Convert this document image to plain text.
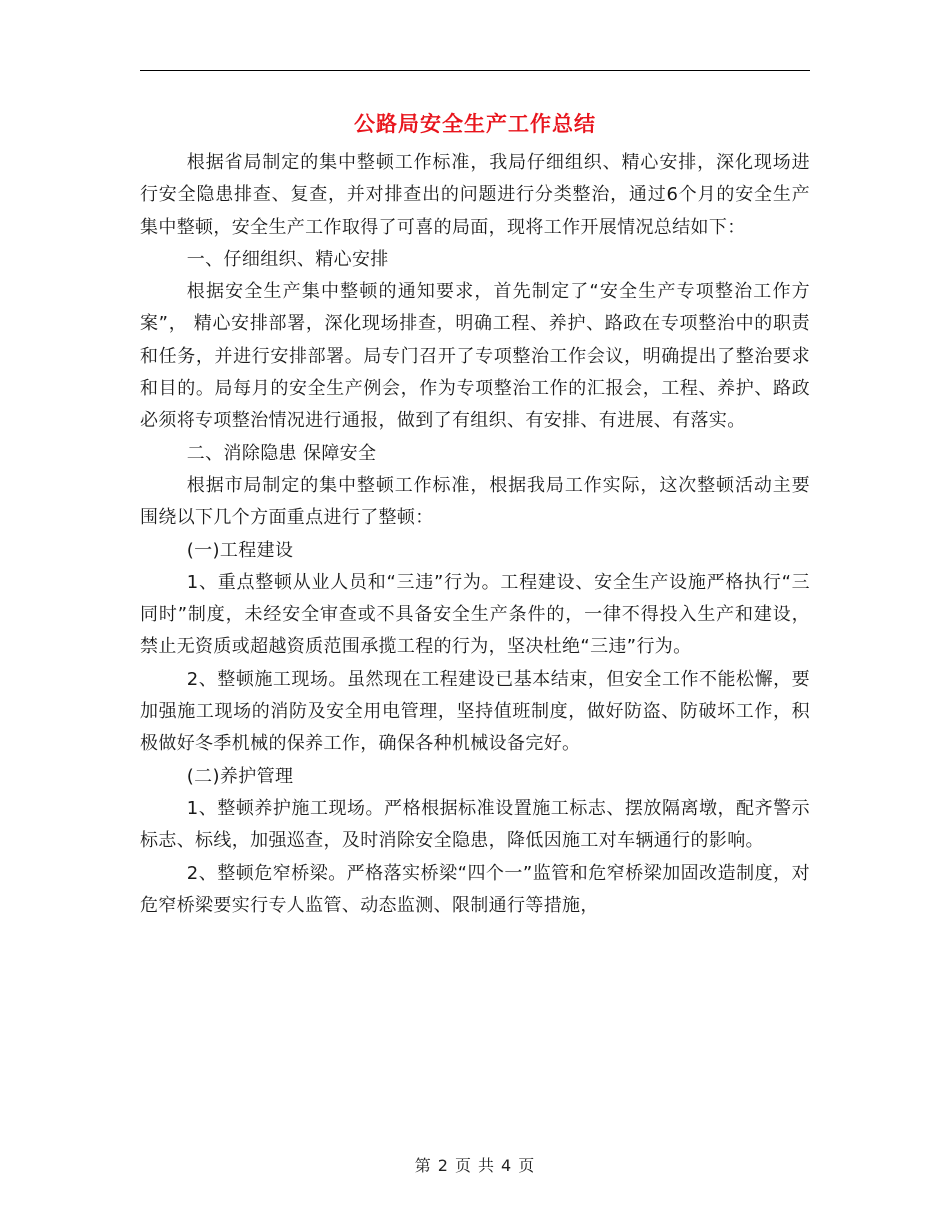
公路局安全生产工作总结

根据省局制定的集中整顿工作标准，我局仔细组织、精心安排，深化现场进行安全隐患排查、复查，并对排查出的问题进行分类整治，通过6个月的安全生产集中整顿，安全生产工作取得了可喜的局面，现将工作开展情况总结如下：

一、仔细组织、精心安排

根据安全生产集中整顿的通知要求，首先制定了“安全生产专项整治工作方案”， 精心安排部署，深化现场排查，明确工程、养护、路政在专项整治中的职责和任务，并进行安排部署。局专门召开了专项整治工作会议，明确提出了整治要求和目的。局每月的安全生产例会，作为专项整治工作的汇报会，工程、养护、路政必须将专项整治情况进行通报，做到了有组织、有安排、有进展、有落实。

二、消除隐患 保障安全

根据市局制定的集中整顿工作标准，根据我局工作实际，这次整顿活动主要围绕以下几个方面重点进行了整顿：

(一)工程建设

1、重点整顿从业人员和“三违”行为。工程建设、安全生产设施严格执行“三同时”制度，未经安全审查或不具备安全生产条件的，一律不得投入生产和建设，禁止无资质或超越资质范围承揽工程的行为，坚决杜绝“三违”行为。

2、整顿施工现场。虽然现在工程建设已基本结束，但安全工作不能松懈，要加强施工现场的消防及安全用电管理，坚持值班制度，做好防盗、防破坏工作，积极做好冬季机械的保养工作，确保各种机械设备完好。

(二)养护管理

1、整顿养护施工现场。严格根据标准设置施工标志、摆放隔离墩，配齐警示标志、标线，加强巡查，及时消除安全隐患，降低因施工对车辆通行的影响。

2、整顿危窄桥梁。严格落实桥梁“四个一”监管和危窄桥梁加固改造制度，对危窄桥梁要实行专人监管、动态监测、限制通行等措施，

第 2 页 共 4 页
